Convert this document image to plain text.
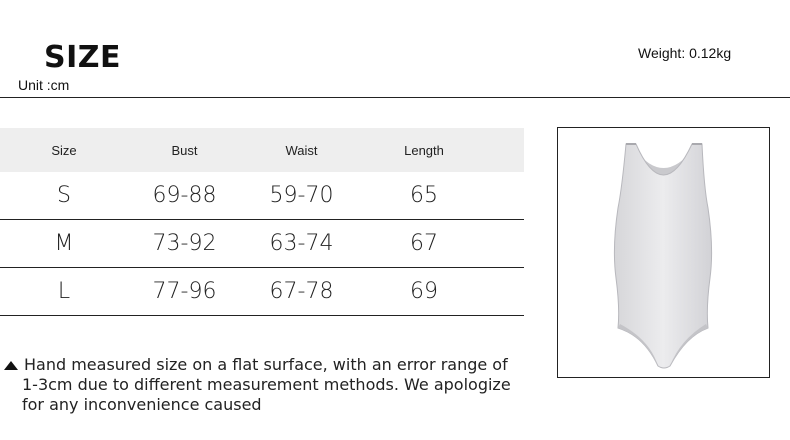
SIZE
Unit :cm
Weight: 0.12kg
Size	Bust	Waist	Length
S	69-88	59-70	65
M	73-92	63-74	67
L	77-96	67-78	69
Hand measured size on a flat surface, with an error range of
1-3cm due to different measurement methods. We apologize
for any inconvenience caused
